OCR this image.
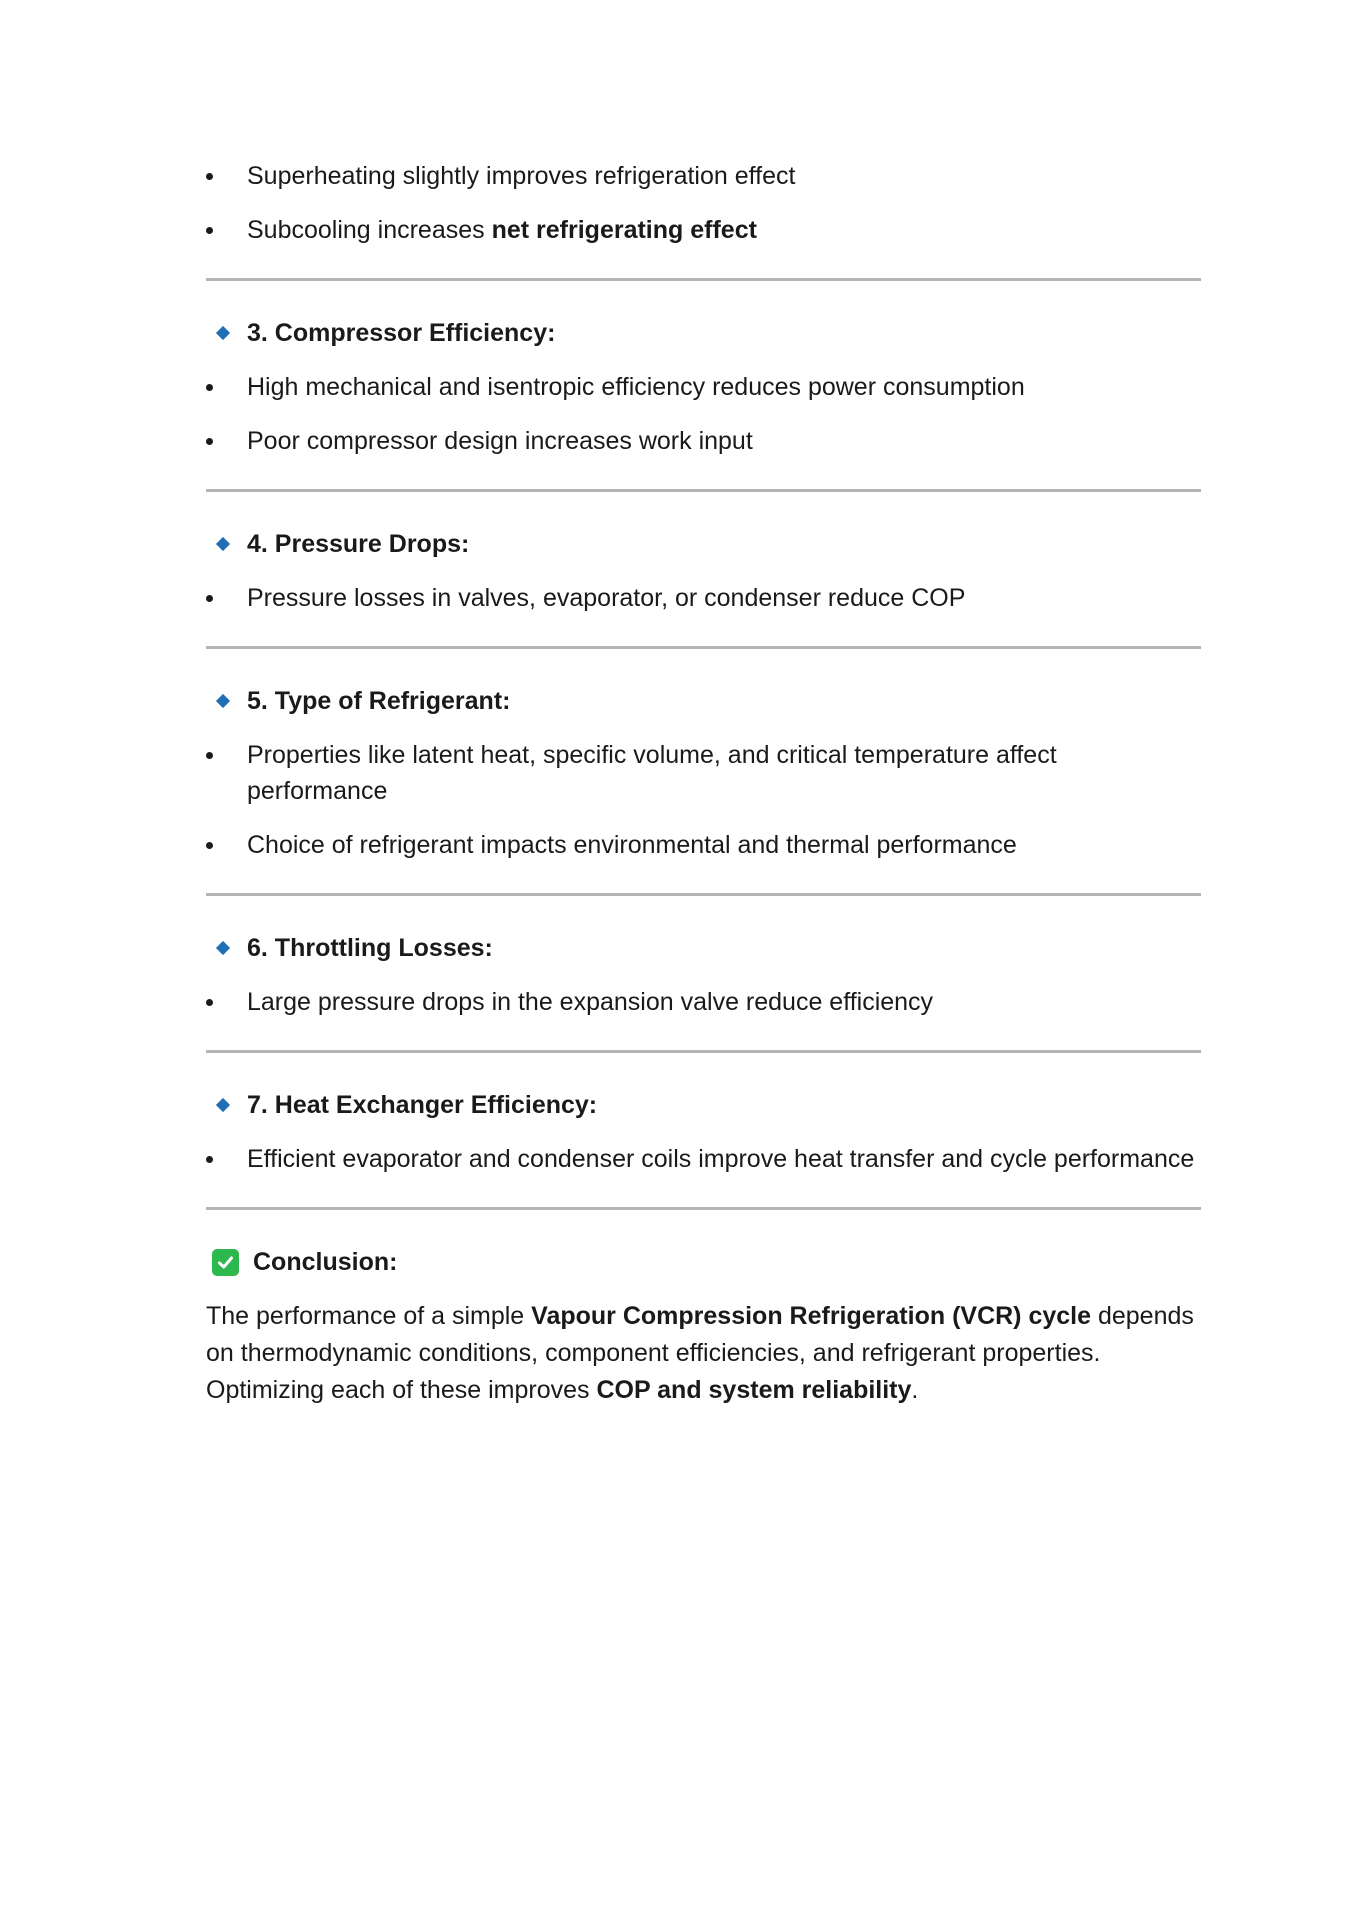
Superheating slightly improves refrigeration effect
Subcooling increases net refrigerating effect
3. Compressor Efficiency:
High mechanical and isentropic efficiency reduces power consumption
Poor compressor design increases work input
4. Pressure Drops:
Pressure losses in valves, evaporator, or condenser reduce COP
5. Type of Refrigerant:
Properties like latent heat, specific volume, and critical temperature affect performance
Choice of refrigerant impacts environmental and thermal performance
6. Throttling Losses:
Large pressure drops in the expansion valve reduce efficiency
7. Heat Exchanger Efficiency:
Efficient evaporator and condenser coils improve heat transfer and cycle performance
Conclusion:

The performance of a simple Vapour Compression Refrigeration (VCR) cycle depends on thermodynamic conditions, component efficiencies, and refrigerant properties. Optimizing each of these improves COP and system reliability.
